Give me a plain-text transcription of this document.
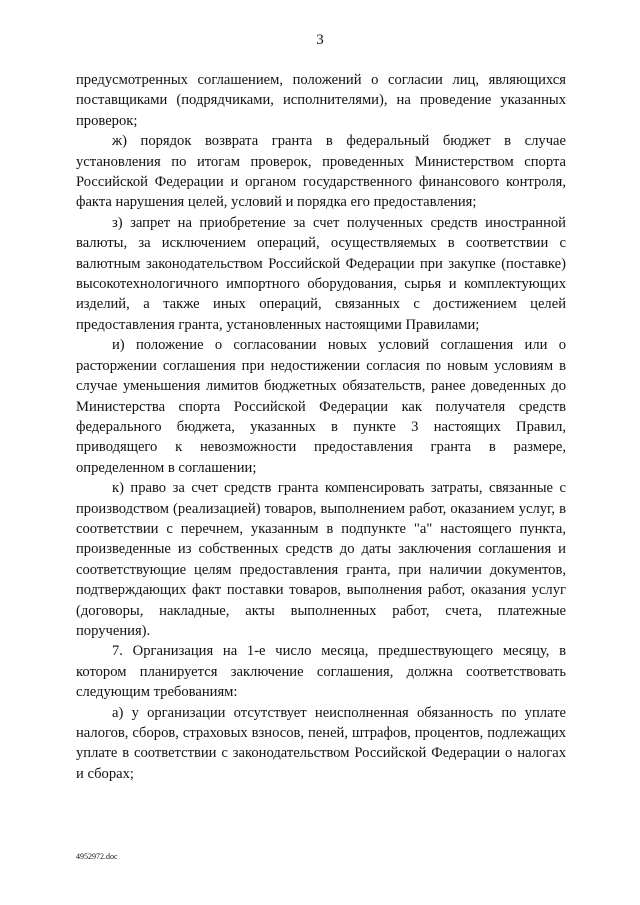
3

предусмотренных соглашением, положений о согласии лиц, являющихся поставщиками (подрядчиками, исполнителями), на проведение указанных проверок;

ж) порядок возврата гранта в федеральный бюджет в случае установления по итогам проверок, проведенных Министерством спорта Российской Федерации и органом государственного финансового контроля, факта нарушения целей, условий и порядка его предоставления;

з) запрет на приобретение за счет полученных средств иностранной валюты, за исключением операций, осуществляемых в соответствии с валютным законодательством Российской Федерации при закупке (поставке) высокотехнологичного импортного оборудования, сырья и комплектующих изделий, а также иных операций, связанных с достижением целей предоставления гранта, установленных настоящими Правилами;

и) положение о согласовании новых условий соглашения или о расторжении соглашения при недостижении согласия по новым условиям в случае уменьшения лимитов бюджетных обязательств, ранее доведенных до Министерства спорта Российской Федерации как получателя средств федерального бюджета, указанных в пункте 3 настоящих Правил, приводящего к невозможности предоставления гранта в размере, определенном в соглашении;

к) право за счет средств гранта компенсировать затраты, связанные с производством (реализацией) товаров, выполнением работ, оказанием услуг, в соответствии с перечнем, указанным в подпункте "а" настоящего пункта, произведенные из собственных средств до даты заключения соглашения и соответствующие целям предоставления гранта, при наличии документов, подтверждающих факт поставки товаров, выполнения работ, оказания услуг (договоры, накладные, акты выполненных работ, счета, платежные поручения).

7. Организация на 1-е число месяца, предшествующего месяцу, в котором планируется заключение соглашения, должна соответствовать следующим требованиям:

а) у организации отсутствует неисполненная обязанность по уплате налогов, сборов, страховых взносов, пеней, штрафов, процентов, подлежащих уплате в соответствии с законодательством Российской Федерации о налогах и сборах;

4952972.doc
